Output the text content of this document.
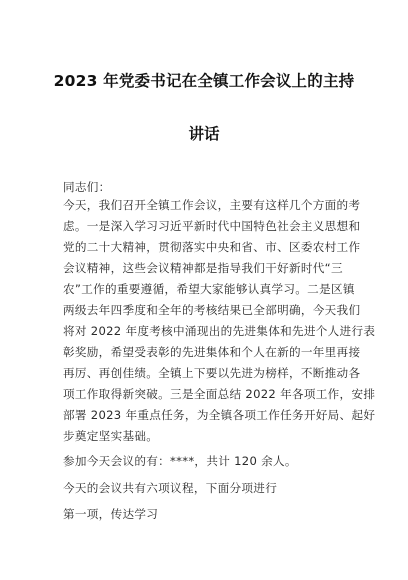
2023 年党委书记在全镇工作会议上的主持
讲话
同志们：
今天，我们召开全镇工作会议，主要有这样几个方面的考
虑。一是深入学习习近平新时代中国特色社会主义思想和
党的二十大精神，贯彻落实中央和省、市、区委农村工作
会议精神，这些会议精神都是指导我们干好新时代“三
农”工作的重要遵循，希望大家能够认真学习。二是区镇
两级去年四季度和全年的考核结果已全部明确，今天我们
将对 2022 年度考核中涌现出的先进集体和先进个人进行表
彰奖励，希望受表彰的先进集体和个人在新的一年里再接
再厉、再创佳绩。全镇上下要以先进为榜样，不断推动各
项工作取得新突破。三是全面总结 2022 年各项工作，安排
部署 2023 年重点任务，为全镇各项工作任务开好局、起好
步奠定坚实基础。
参加今天会议的有：****，共计 120 余人。
今天的会议共有六项议程，下面分项进行
第一项，传达学习
